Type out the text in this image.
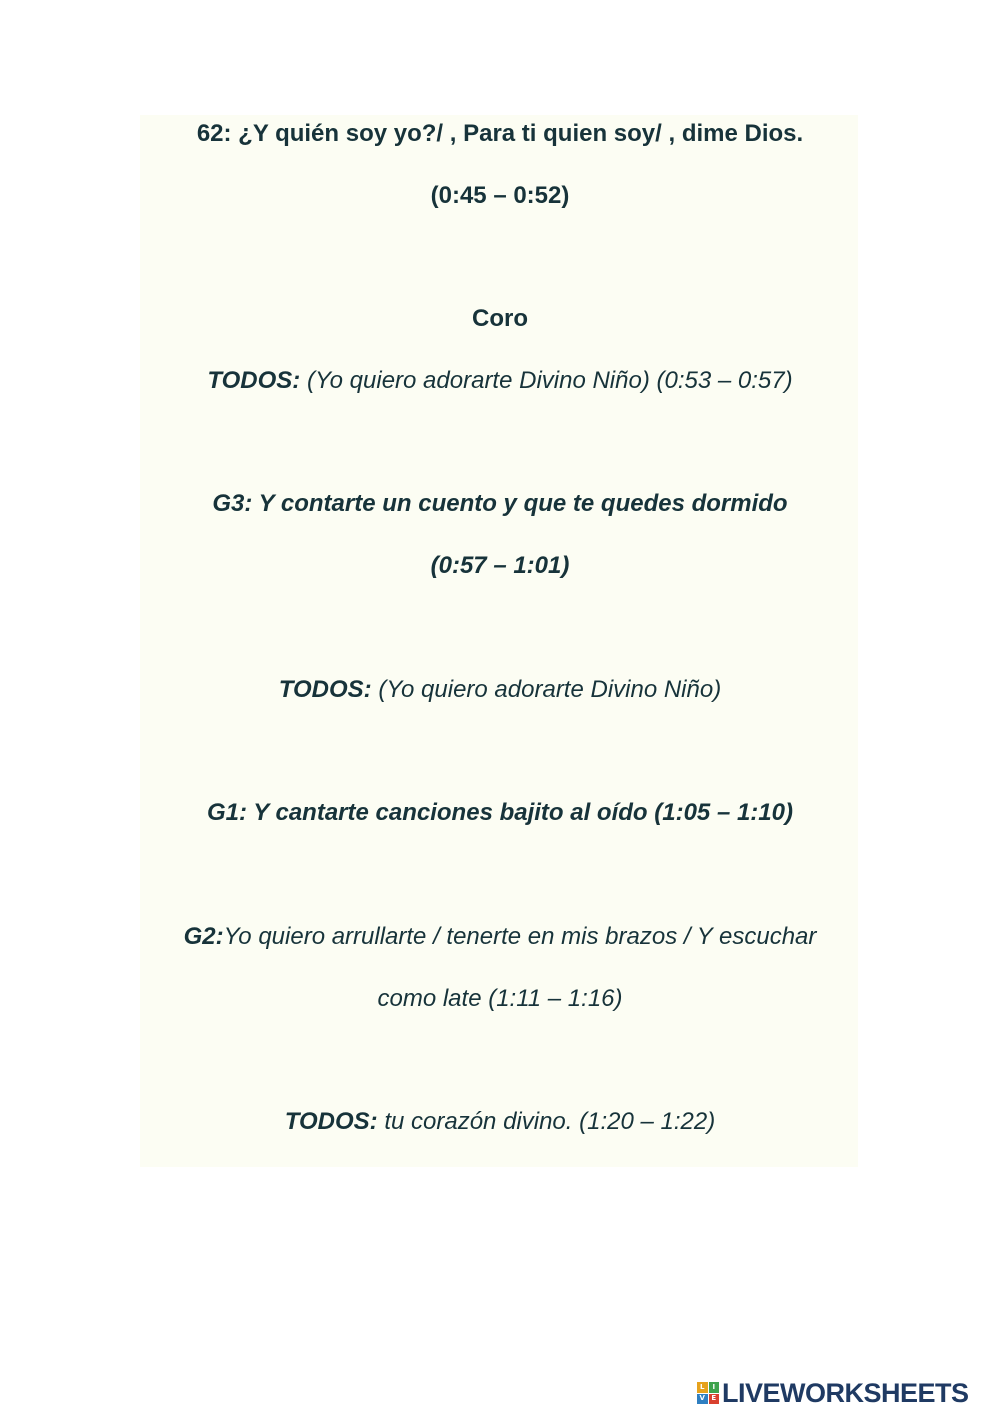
62: ¿Y quién soy yo?/ , Para ti quien soy/ , dime Dios.
(0:45 – 0:52)
Coro
TODOS: (Yo quiero adorarte Divino Niño) (0:53 – 0:57)
G3: Y contarte un cuento y que te quedes dormido
(0:57 – 1:01)
TODOS: (Yo quiero adorarte Divino Niño)
G1: Y cantarte canciones bajito al oído (1:05 – 1:10)
G2:Yo quiero arrullarte / tenerte en mis brazos / Y escuchar
como late (1:11 – 1:16)
TODOS: tu corazón divino. (1:20 – 1:22)
L	I
V E LIVEWORKSHEETS
